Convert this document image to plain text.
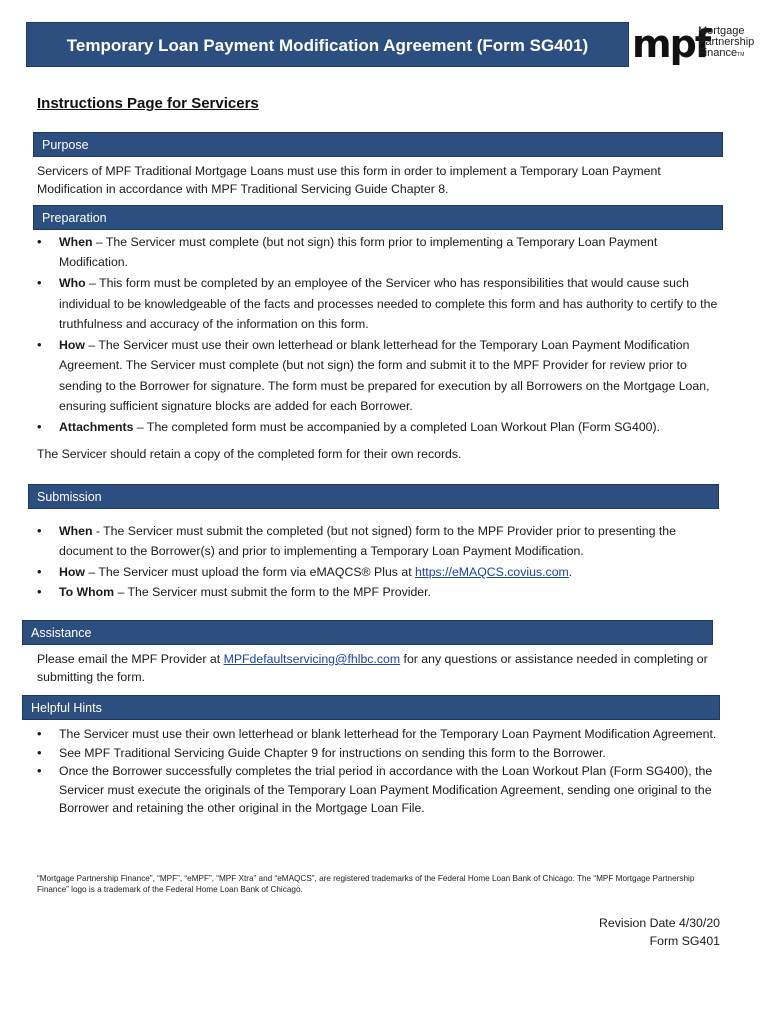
Temporary Loan Payment Modification Agreement (Form SG401)	mpf
Mortgage
Partnership
FinanceTM
Instructions Page for Servicers
Purpose
Servicers of MPF Traditional Mortgage Loans must use this form in order to implement a Temporary Loan Payment Modification in accordance with MPF Traditional Servicing Guide Chapter 8.
Preparation
• When – The Servicer must complete (but not sign) this form prior to implementing a Temporary Loan Payment Modification.
• Who – This form must be completed by an employee of the Servicer who has responsibilities that would cause such individual to be knowledgeable of the facts and processes needed to complete this form and has authority to certify to the truthfulness and accuracy of the information on this form.
• How – The Servicer must use their own letterhead or blank letterhead for the Temporary Loan Payment Modification Agreement. The Servicer must complete (but not sign) the form and submit it to the MPF Provider for review prior to sending to the Borrower for signature. The form must be prepared for execution by all Borrowers on the Mortgage Loan, ensuring sufficient signature blocks are added for each Borrower.
• Attachments – The completed form must be accompanied by a completed Loan Workout Plan (Form SG400).
The Servicer should retain a copy of the completed form for their own records.
Submission
• When - The Servicer must submit the completed (but not signed) form to the MPF Provider prior to presenting the document to the Borrower(s) and prior to implementing a Temporary Loan Payment Modification.
• How – The Servicer must upload the form via eMAQCS® Plus at https://eMAQCS.covius.com.
• To Whom – The Servicer must submit the form to the MPF Provider.
Assistance
Please email the MPF Provider at MPFdefaultservicing@fhlbc.com for any questions or assistance needed in completing or submitting the form.
Helpful Hints
• The Servicer must use their own letterhead or blank letterhead for the Temporary Loan Payment Modification Agreement.
• See MPF Traditional Servicing Guide Chapter 9 for instructions on sending this form to the Borrower.
• Once the Borrower successfully completes the trial period in accordance with the Loan Workout Plan (Form SG400), the Servicer must execute the originals of the Temporary Loan Payment Modification Agreement, sending one original to the Borrower and retaining the other original in the Mortgage Loan File.
“Mortgage Partnership Finance”, “MPF”, “eMPF”, “MPF Xtra” and “eMAQCS”, are registered trademarks of the Federal Home Loan Bank of Chicago. The “MPF Mortgage Partnership Finance” logo is a trademark of the Federal Home Loan Bank of Chicago.
Revision Date 4/30/20
Form SG401
